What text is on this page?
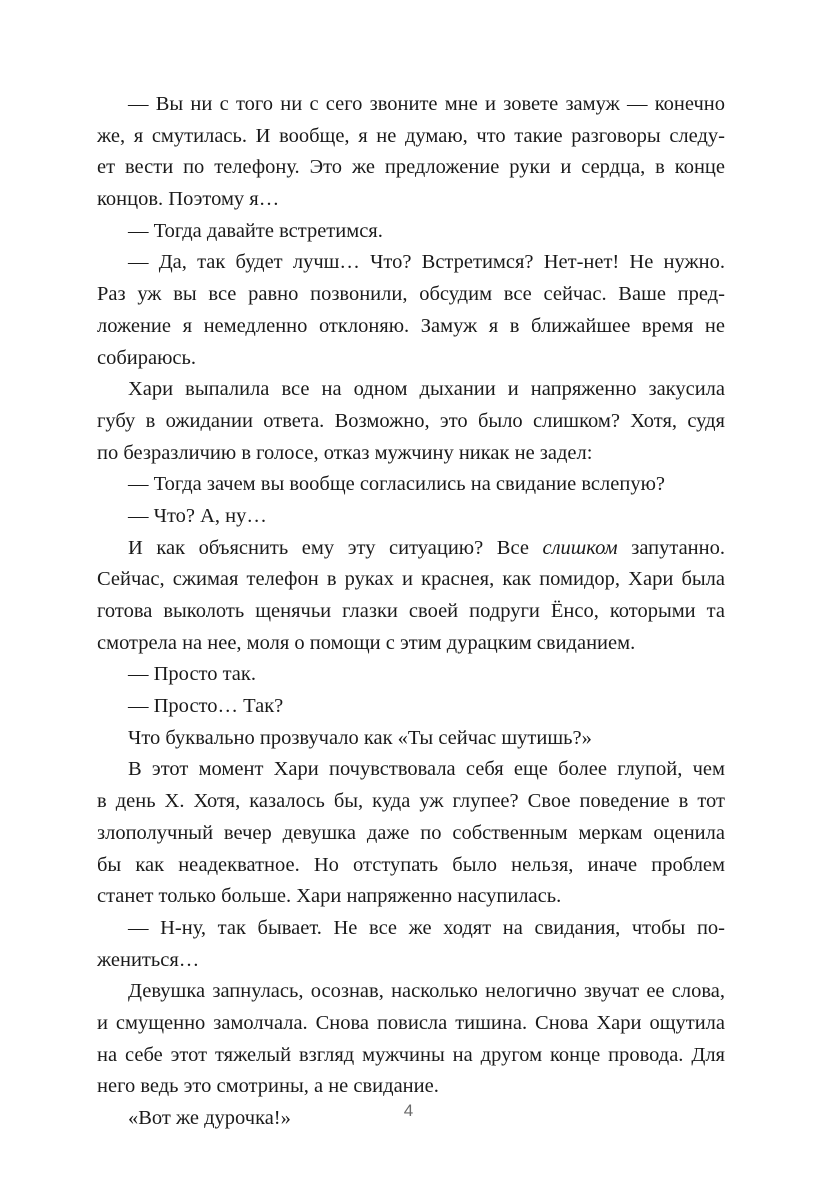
— Вы ни с того ни с сего звоните мне и зовете замуж — конечно
же, я смутилась. И вообще, я не думаю, что такие разговоры следу-
ет вести по телефону. Это же предложение руки и сердца, в конце
концов. Поэтому я…
— Тогда давайте встретимся.
— Да, так будет лучш… Что? Встретимся? Нет-нет! Не нужно.
Раз уж вы все равно позвонили, обсудим все сейчас. Ваше пред-
ложение я немедленно отклоняю. Замуж я в ближайшее время не
собираюсь.
Хари выпалила все на одном дыхании и напряженно закусила
губу в ожидании ответа. Возможно, это было слишком? Хотя, судя
по безразличию в голосе, отказ мужчину никак не задел:
— Тогда зачем вы вообще согласились на свидание вслепую?
— Что? А, ну…
И как объяснить ему эту ситуацию? Все слишком запутанно.
Сейчас, сжимая телефон в руках и краснея, как помидор, Хари была
готова выколоть щенячьи глазки своей подруги Ёнсо, которыми та
смотрела на нее, моля о помощи с этим дурацким свиданием.
— Просто так.
— Просто… Так?
Что буквально прозвучало как «Ты сейчас шутишь?»
В этот момент Хари почувствовала себя еще более глупой, чем
в день Х. Хотя, казалось бы, куда уж глупее? Свое поведение в тот
злополучный вечер девушка даже по собственным меркам оценила
бы как неадекватное. Но отступать было нельзя, иначе проблем
станет только больше. Хари напряженно насупилась.
— Н-ну, так бывает. Не все же ходят на свидания, чтобы по-
жениться…
Девушка запнулась, осознав, насколько нелогично звучат ее слова,
и смущенно замолчала. Снова повисла тишина. Снова Хари ощутила
на себе этот тяжелый взгляд мужчины на другом конце провода. Для
него ведь это смотрины, а не свидание.
«Вот же дурочка!»	4
